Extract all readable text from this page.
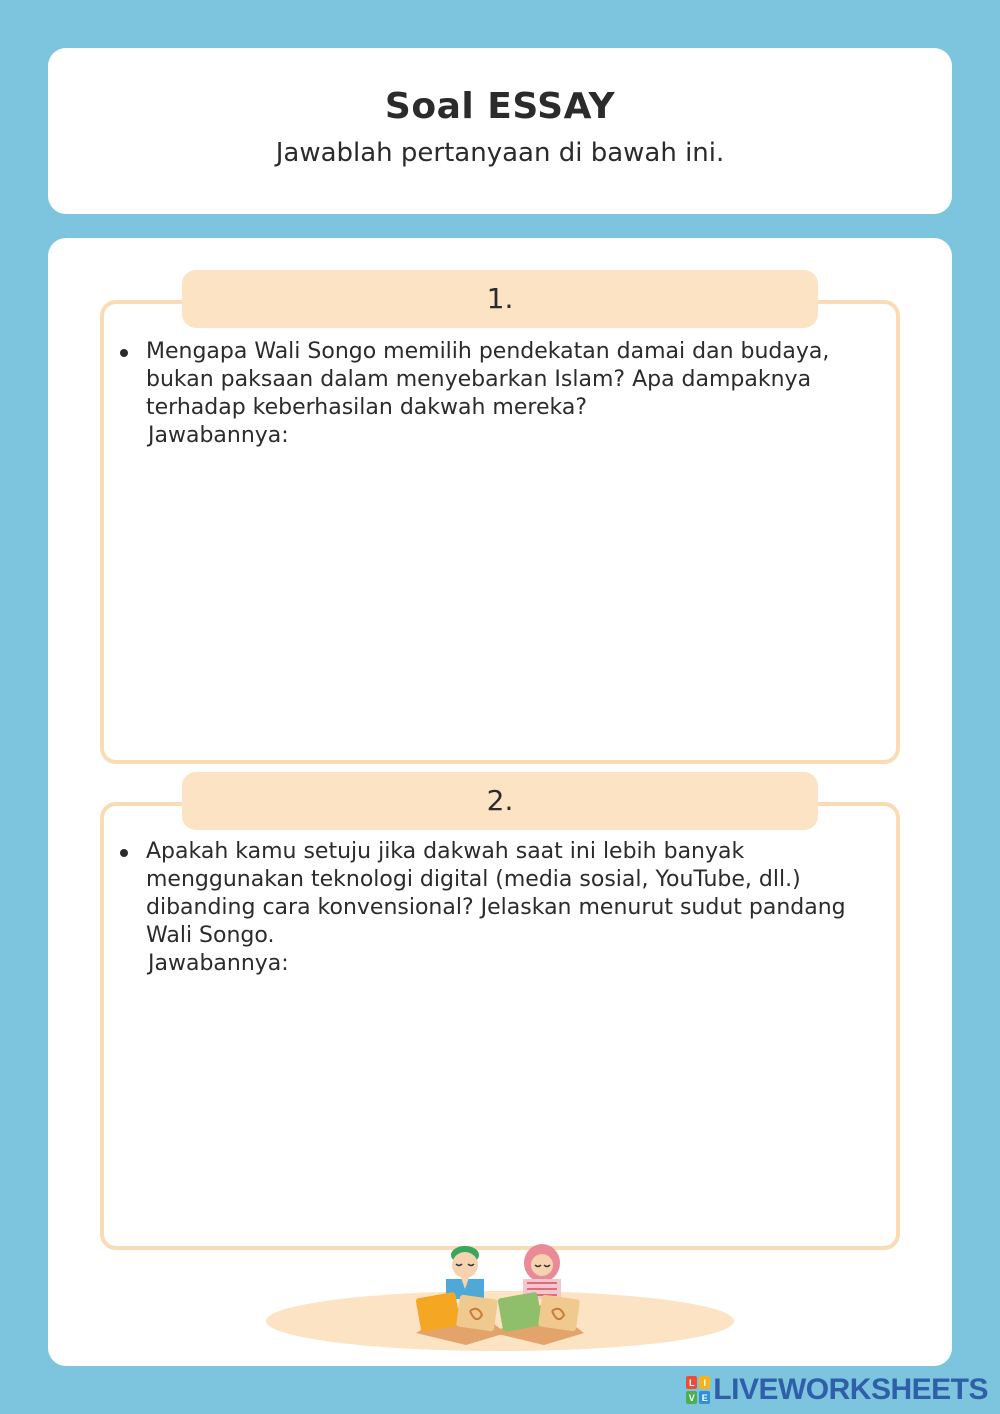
Soal ESSAY
Jawablah pertanyaan di bawah ini.
1.
Mengapa Wali Songo memilih pendekatan damai dan budaya, bukan paksaan dalam menyebarkan Islam? Apa dampaknya terhadap keberhasilan dakwah mereka?
Jawabannya:
2.
Apakah kamu setuju jika dakwah saat ini lebih banyak menggunakan teknologi digital (media sosial, YouTube, dll.) dibanding cara konvensional? Jelaskan menurut sudut pandang Wali Songo.
Jawabannya:
L I
V E LIVEWORKSHEETS
